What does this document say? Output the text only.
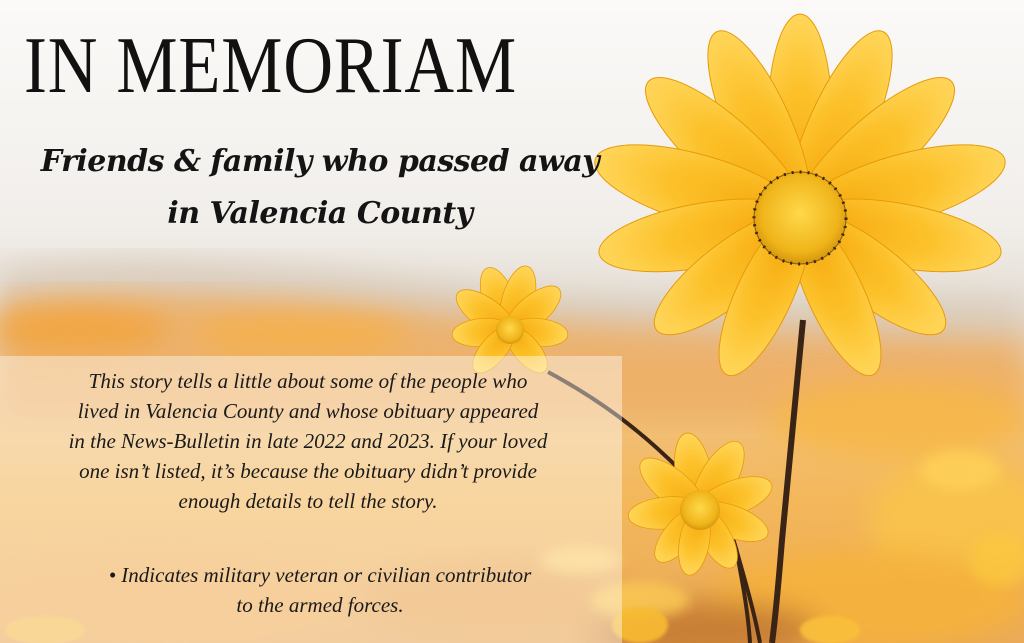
IN MEMORIAM
Friends & family who passed away
in Valencia County
This story tells a little about some of the people who
lived in Valencia County and whose obituary appeared
in the News-Bulletin in late 2022 and 2023. If your loved
one isn’t listed, it’s because the obituary didn’t provide
enough details to tell the story.
• Indicates military veteran or civilian contributor
to the armed forces.
